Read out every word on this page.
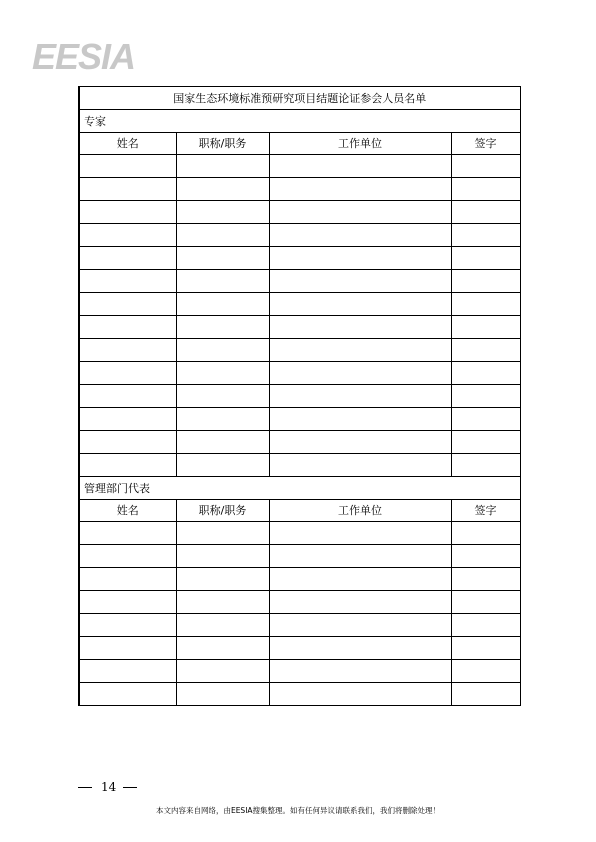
EESIA
国家生态环境标准预研究项目结题论证参会人员名单			
专家			
姓名	职称/职务	工作单位	签字

管理部门代表			
姓名	职称/职务	工作单位	签字

14
本文内容来自网络，由EESIA搜集整理。如有任何异议请联系我们，我们将删除处理！
